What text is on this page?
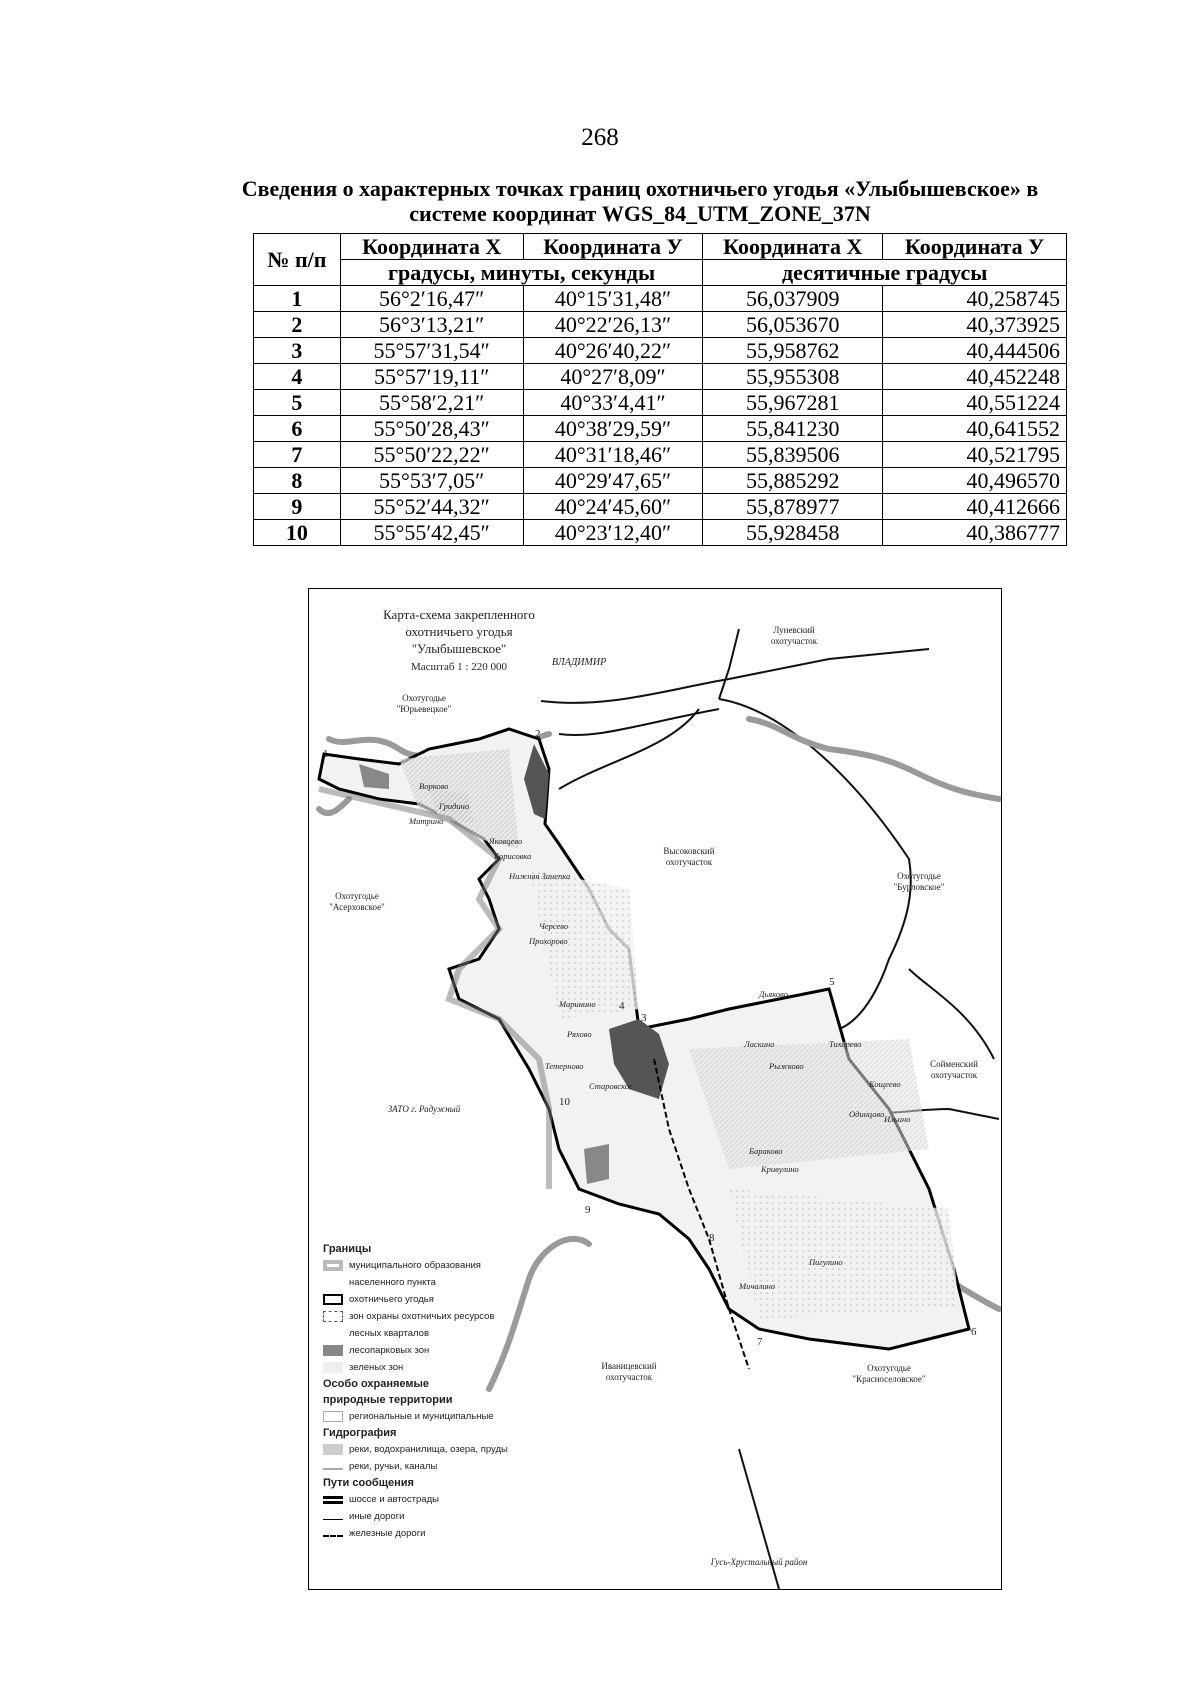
268
Сведения о характерных точках границ охотничьего угодья «Улыбышевское» в
системе координат WGS_84_UTM_ZONE_37N
№ п/п	Координата Х	Координата У	Координата Х	Координата У
	градусы, минуты, секунды		десятичные градусы	
1	56°2′16,47″	40°15′31,48″	56,037909	40,258745
2	56°3′13,21″	40°22′26,13″	56,053670	40,373925
3	55°57′31,54″	40°26′40,22″	55,958762	40,444506
4	55°57′19,11″	40°27′8,09″	55,955308	40,452248
5	55°58′2,21″	40°33′4,41″	55,967281	40,551224
6	55°50′28,43″	40°38′29,59″	55,841230	40,641552
7	55°50′22,22″	40°31′18,46″	55,839506	40,521795
8	55°53′7,05″	40°29′47,65″	55,885292	40,496570
9	55°52′44,32″	40°24′45,60″	55,878977	40,412666
10	55°55′42,45″	40°23′12,40″	55,928458	40,386777
1
2
3
4
5
6
7
8
9
10
Карта-схема закрепленного
охотничьего угодья
"Улыбышевское"
Масштаб 1 : 220 000	ВЛАДИМИР
Луневский
охотучасток
Охотугодье
"Юрьевецкое"
Охотугодье
"Асерховское"
Высоковский
охотучасток
Охотугодье
"Бурловское"
Сойменский
охотучасток
ЗАТО г. Радужный
Иваницевский
охотучасток
Охотугодье
"Красноселовское"
Гусь-Хрустальный район
Ворково
Гридино
Митрино
Яковцево
Борисовка
Нижняя Занепка
Черсево
Прохорово
Маринино
Ряхово
Тетерново
Старовское
Дьяково
Ласкино
Рыжково
Тихорево
Кощеево
Одинцово Ильино
Бараково
Кривулино
Пигулино
Мичалино
Границы
муниципального образования
населенного пункта
охотничьего угодья
зон охраны охотничьих ресурсов
лесных кварталов
лесопарковых зон
зеленых зон
Особо охраняемые
природные территории
региональные и муниципальные
Гидрография
реки, водохранилища, озера, пруды
реки, ручьи, каналы
Пути сообщения
шоссе и автострады
иные дороги
железные дороги
